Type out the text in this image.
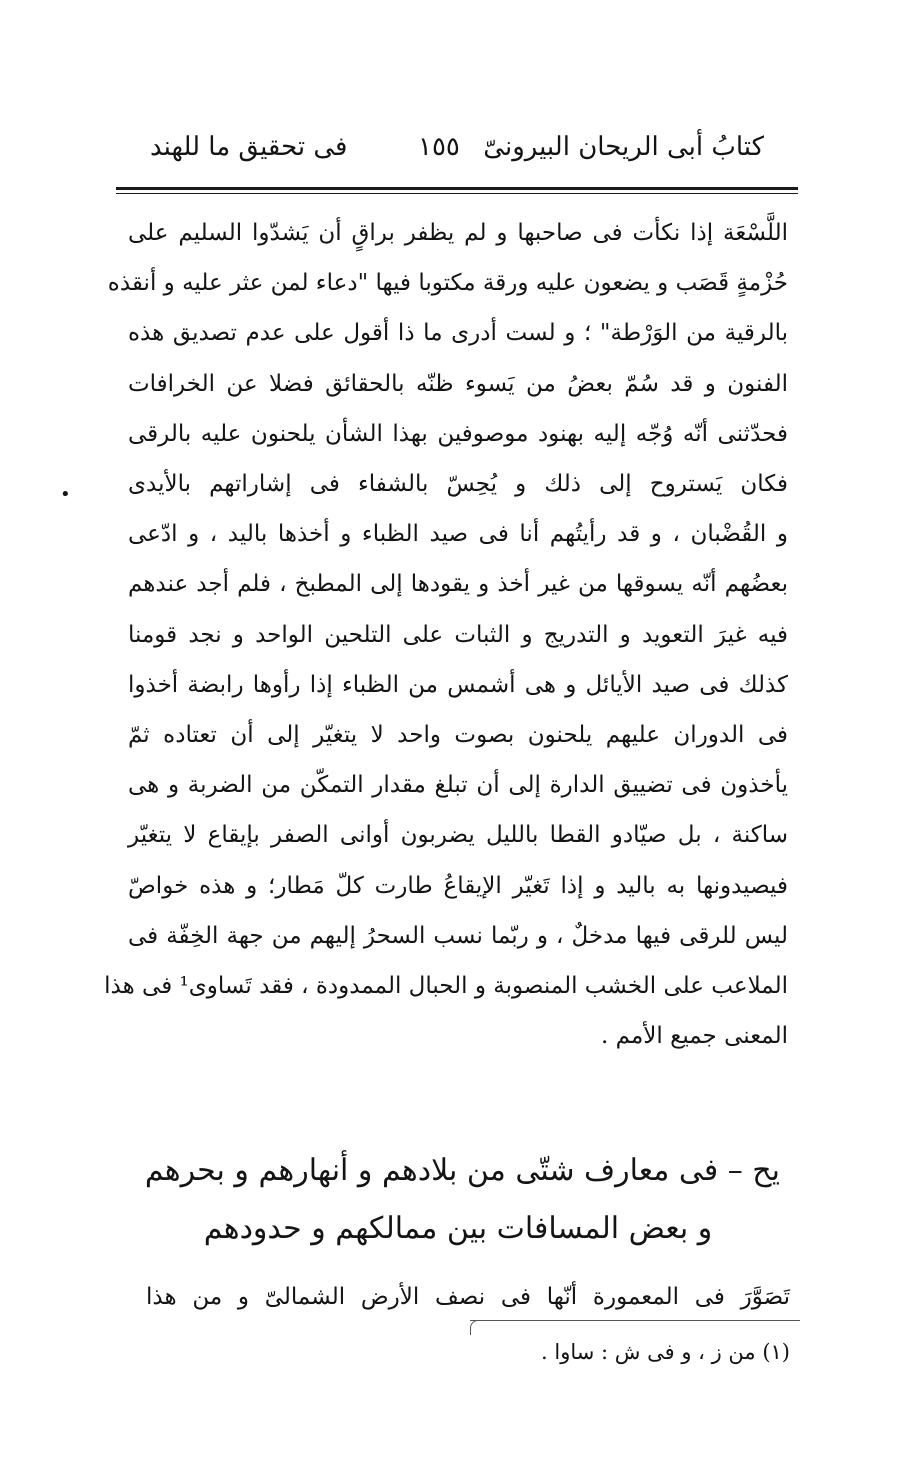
كتابُ أبى الريحان البيرونىّ
١٥٥
فى تحقيق ما للهند
•
اللَّسْعَة إذا نكأت فى صاحبها و لم يظفر براقٍ أن يَشدّوا السليم على
حُزْمةٍ قَصَب و يضعون عليه ورقة مكتوبا فيها "دعاء لمن عثر عليه و أنقذه
بالرقية من الوَرْطة" ؛ و لست أدرى ما ذا أقول على عدم تصديق هذه
الفنون و قد سُمّ بعضُ من يَسوء ظنّه بالحقائق فضلا عن الخرافات
فحدّثنى أنّه وُجّه إليه بهنود موصوفين بهذا الشأن يلحنون عليه بالرقى
فكان يَستروح إلى ذلك و يُحِسّ بالشفاء فى إشاراتهم بالأيدى
و القُضْبان ، و قد رأيتُهم أنا فى صيد الظباء و أخذها باليد ، و ادّعى
بعضُهم أنّه يسوقها من غير أخذ و يقودها إلى المطبخ ، فلم أجد عندهم
فيه غيرَ التعويد و التدريج و الثبات على التلحين الواحد و نجد قومنا
كذلك فى صيد الأيائل و هى أشمس من الظباء إذا رأوها رابضة أخذوا
فى الدوران عليهم يلحنون بصوت واحد لا يتغيّر إلى أن تعتاده ثمّ
يأخذون فى تضييق الدارة إلى أن تبلغ مقدار التمكّن من الضربة و هى
ساكنة ، بل صيّادو القطا بالليل يضربون أوانى الصفر بإيقاع لا يتغيّر
فيصيدونها به باليد و إذا تَغيّر الإيقاعُ طارت كلّ مَطار؛ و هذه خواصّ
ليس للرقى فيها مدخلٌ ، و ربّما نسب السحرُ إليهم من جهة الخِفّة فى
الملاعب على الخشب المنصوبة و الحبال الممدودة ، فقد تَساوى¹ فى هذا
المعنى جميع الأمم .
يح – فى معارف شتّى من بلادهم و أنهارهم و بحرهم
و بعض المسافات بين ممالكهم و حدودهم
تَصَوَّرَ فى المعمورة أنّها فى نصف الأرض الشمالىّ و من هذا
(١) من ز ، و فى ش : ساوا .
